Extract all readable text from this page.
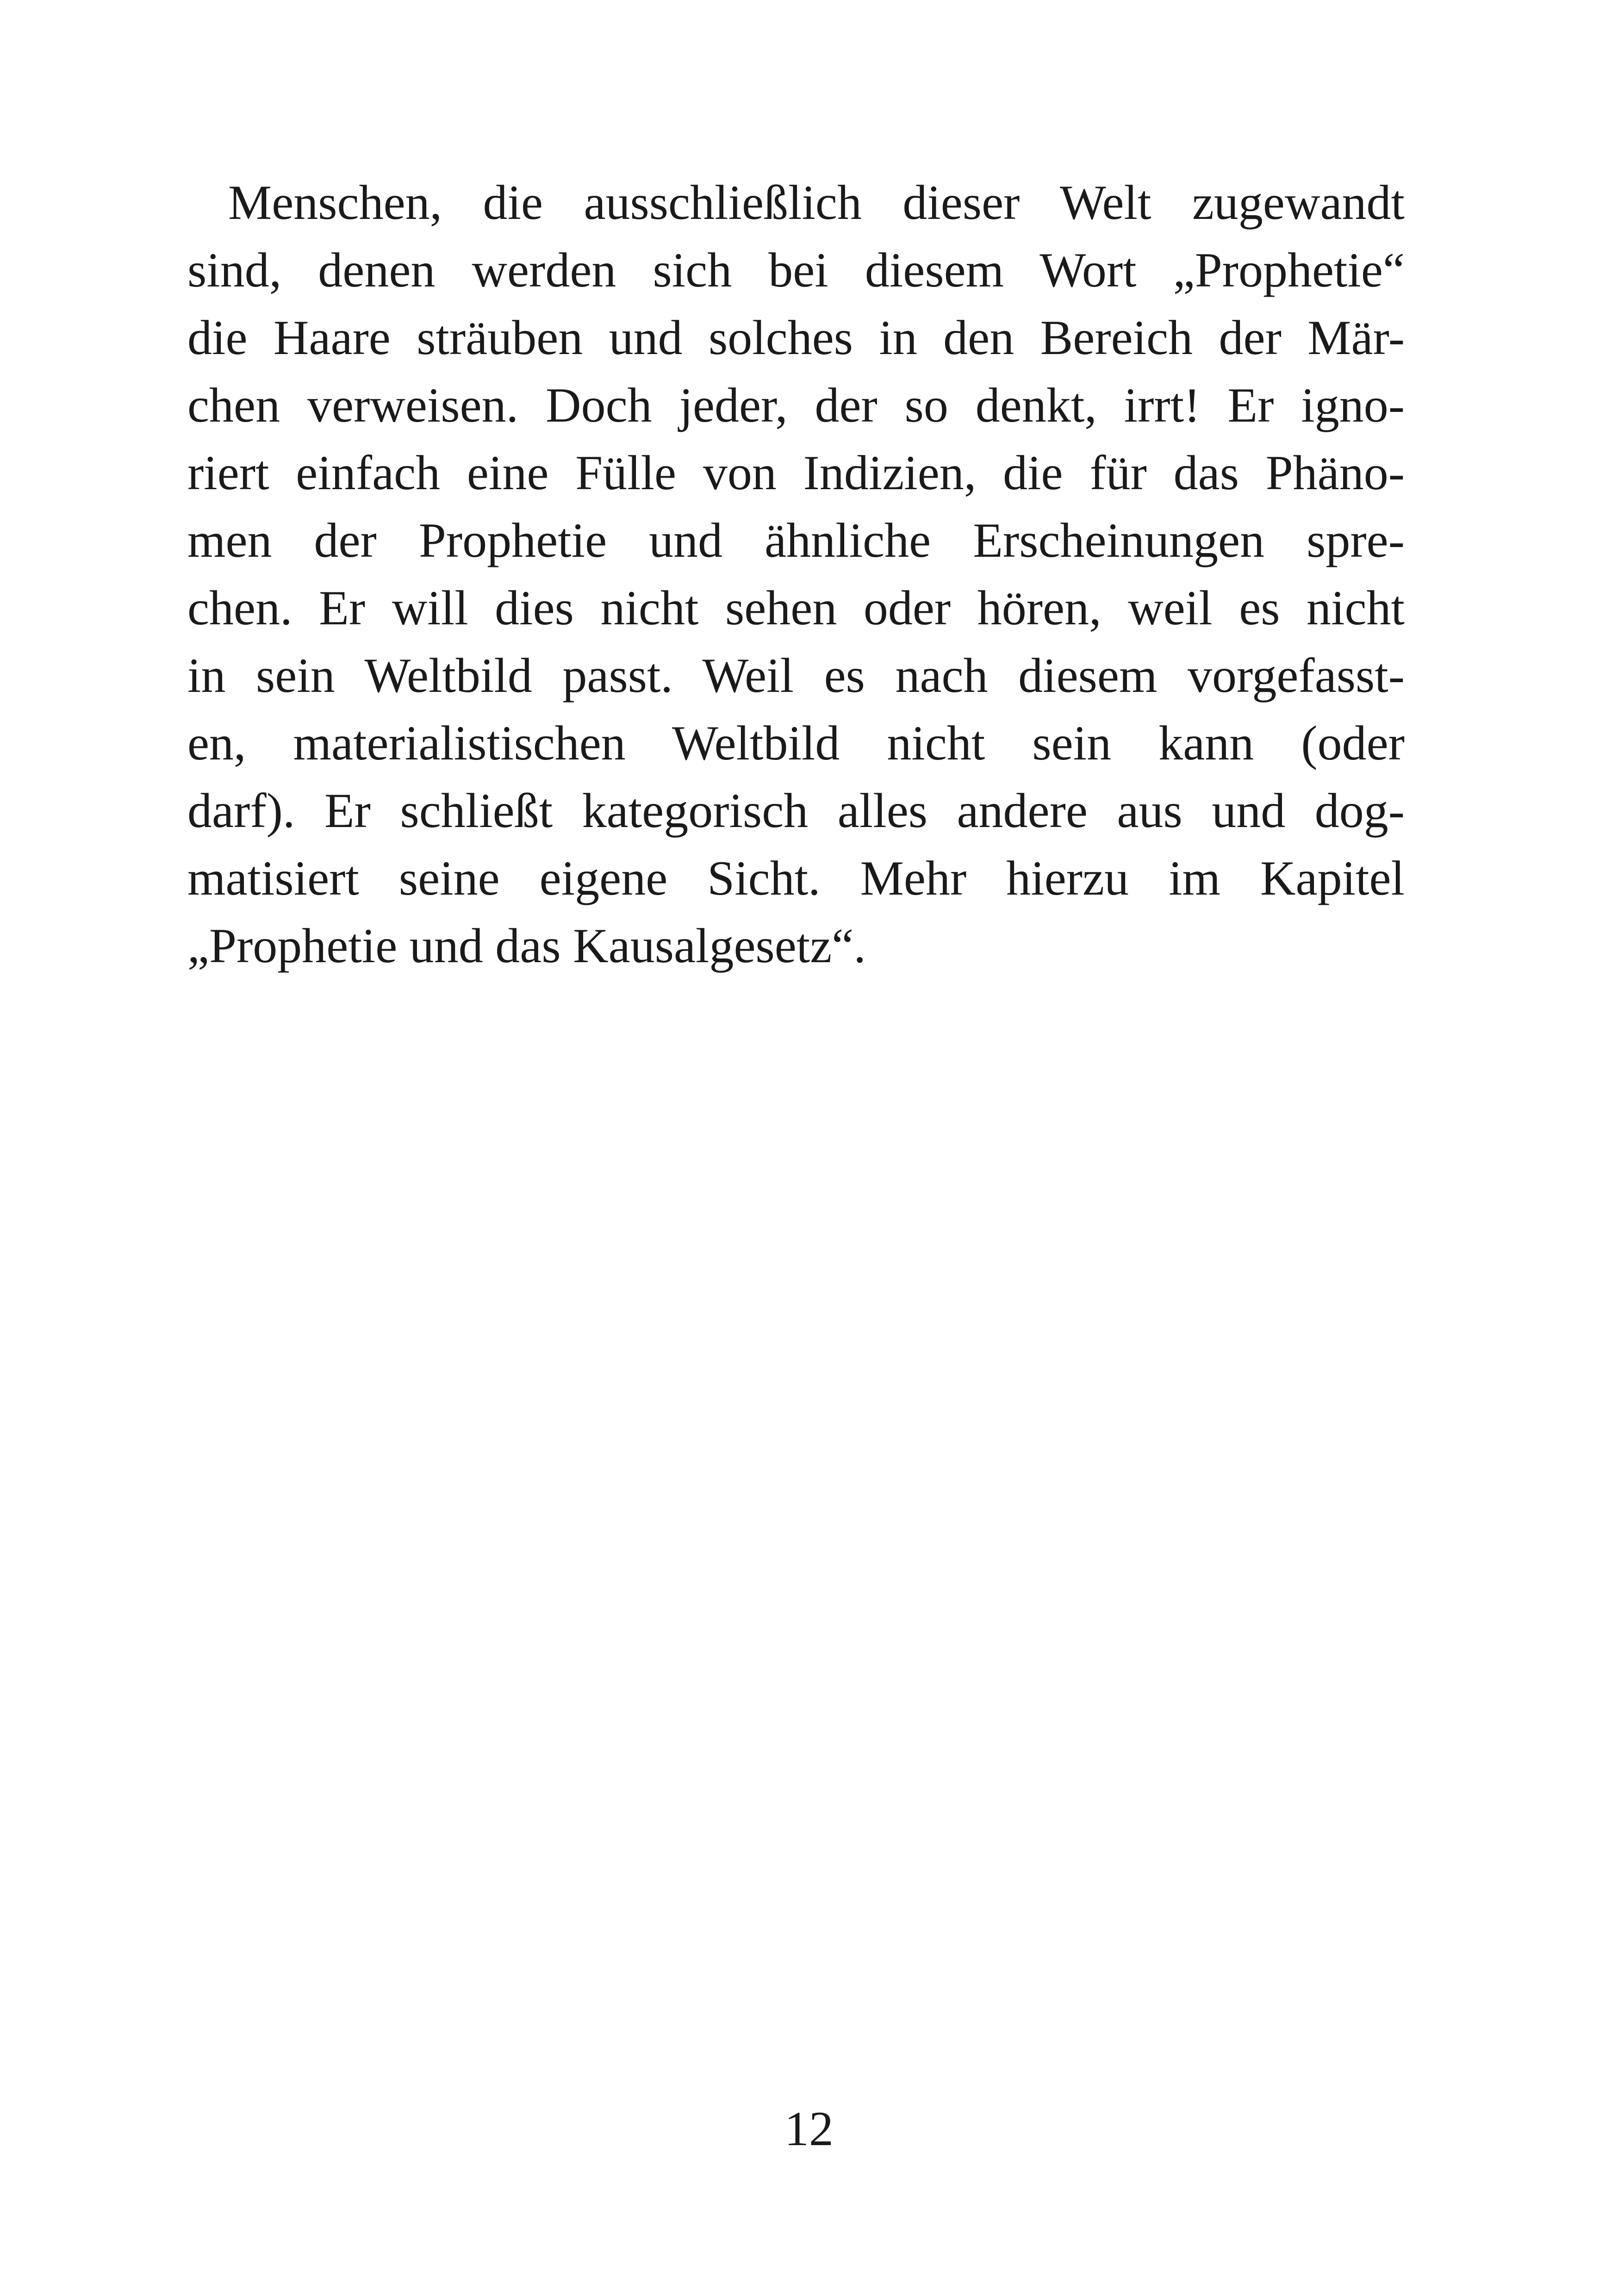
Menschen, die ausschließlich dieser Welt zugewandt
sind, denen werden sich bei diesem Wort „Prophetie“
die Haare sträuben und solches in den Bereich der Mär-
chen verweisen. Doch jeder, der so denkt, irrt! Er igno-
riert einfach eine Fülle von Indizien, die für das Phäno-
men der Prophetie und ähnliche Erscheinungen spre-
chen. Er will dies nicht sehen oder hören, weil es nicht
in sein Weltbild passt. Weil es nach diesem vorgefasst-
en, materialistischen Weltbild nicht sein kann (oder
darf). Er schließt kategorisch alles andere aus und dog-
matisiert seine eigene Sicht. Mehr hierzu im Kapitel
„Prophetie und das Kausalgesetz“.
12
